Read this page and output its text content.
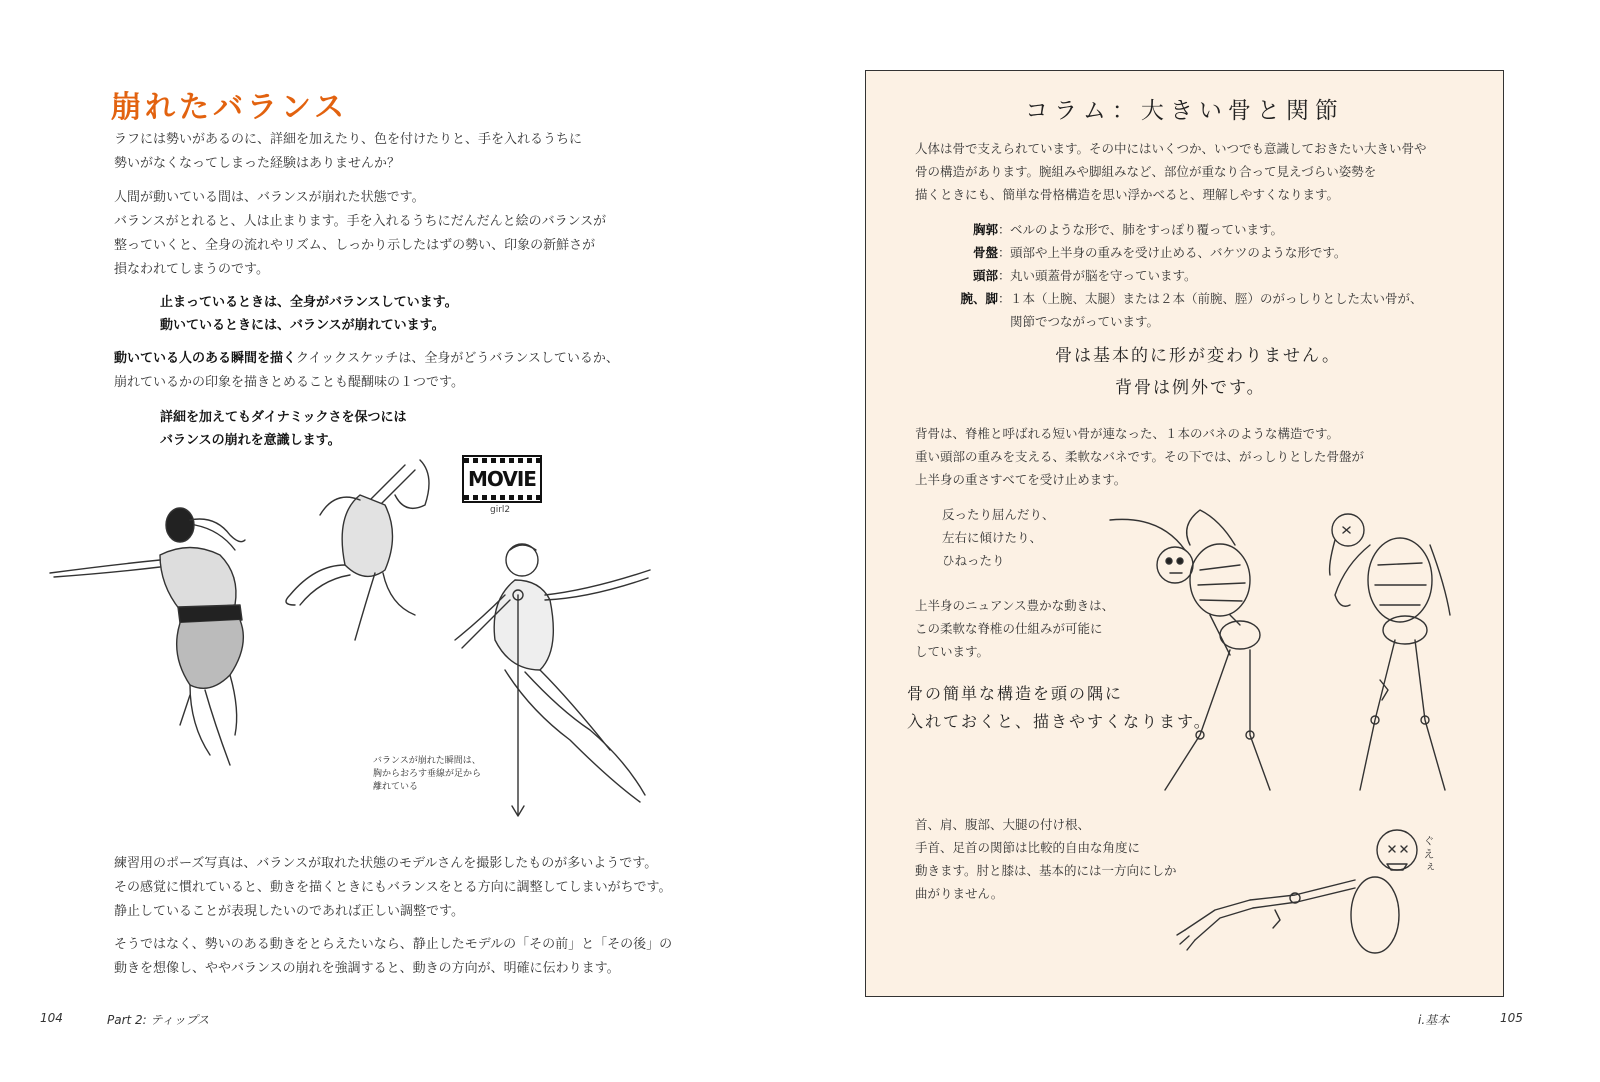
崩れたバランス
ラフには勢いがあるのに、詳細を加えたり、色を付けたりと、手を入れるうちに
勢いがなくなってしまった経験はありませんか？
人間が動いている間は、バランスが崩れた状態です。
バランスがとれると、人は止まります。手を入れるうちにだんだんと絵のバランスが
整っていくと、全身の流れやリズム、しっかり示したはずの勢い、印象の新鮮さが
損なわれてしまうのです。
止まっているときは、全身がバランスしています。
動いているときには、バランスが崩れています。
動いている人のある瞬間を描くクイックスケッチは、全身がどうバランスしているか、
崩れているかの印象を描きとめることも醍醐味の１つです。
詳細を加えてもダイナミックさを保つには
バランスの崩れを意識します。
MOVIE
girl2
バランスが崩れた瞬間は、
胸からおろす垂線が足から
離れている
練習用のポーズ写真は、バランスが取れた状態のモデルさんを撮影したものが多いようです。
その感覚に慣れていると、動きを描くときにもバランスをとる方向に調整してしまいがちです。
静止していることが表現したいのであれば正しい調整です。
そうではなく、勢いのある動きをとらえたいなら、静止したモデルの「その前」と「その後」の
動きを想像し、ややバランスの崩れを強調すると、動きの方向が、明確に伝わります。
104	Part 2: ティップス
コラム：大きい骨と関節
人体は骨で支えられています。その中にはいくつか、いつでも意識しておきたい大きい骨や
骨の構造があります。腕組みや脚組みなど、部位が重なり合って見えづらい姿勢を
描くときにも、簡単な骨格構造を思い浮かべると、理解しやすくなります。
胸郭：ベルのような形で、肺をすっぽり覆っています。
骨盤：頭部や上半身の重みを受け止める、バケツのような形です。
頭部：丸い頭蓋骨が脳を守っています。
腕、脚：１本（上腕、太腿）または２本（前腕、脛）のがっしりとした太い骨が、
関節でつながっています。
骨は基本的に形が変わりません。
背骨は例外です。
背骨は、脊椎と呼ばれる短い骨が連なった、１本のバネのような構造です。
重い頭部の重みを支える、柔軟なバネです。その下では、がっしりとした骨盤が
上半身の重さすべてを受け止めます。
反ったり屈んだり、
左右に傾けたり、
ひねったり
上半身のニュアンス豊かな動きは、
この柔軟な脊椎の仕組みが可能に
しています。
骨の簡単な構造を頭の隅に
入れておくと、描きやすくなります。
首、肩、腹部、大腿の付け根、
手首、足首の関節は比較的自由な角度に
動きます。肘と膝は、基本的には一方向にしか
曲がりません。
ぐえぇ
i.基本	105
